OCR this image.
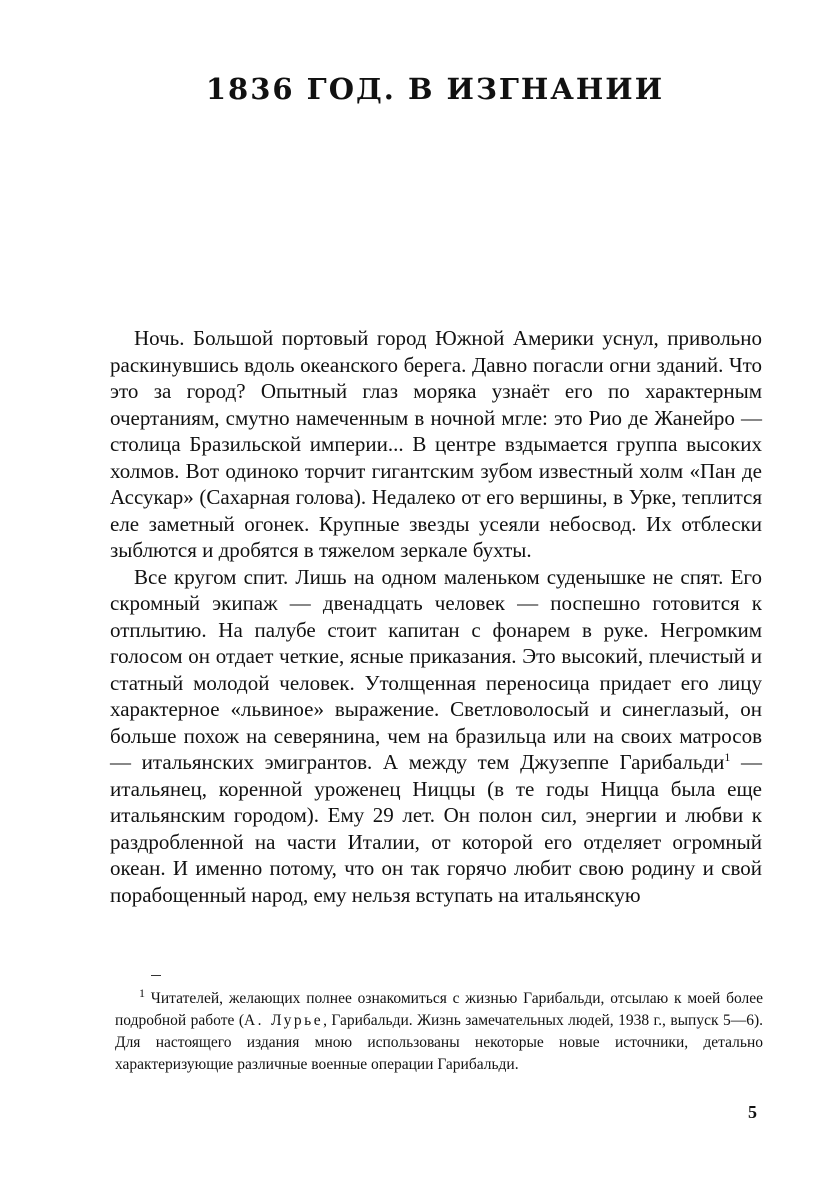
1836 ГОД. В ИЗГНАНИИ

Ночь. Большой портовый город Южной Америки уснул, привольно раскинувшись вдоль океанского берега. Давно погасли огни зданий. Что это за город? Опытный глаз моряка узнаёт его по характерным очертаниям, смутно намеченным в ночной мгле: это Рио де Жанейро — столица Бразильской империи... В центре вздымается группа высоких холмов. Вот одиноко торчит гигантским зубом известный холм «Пан де Ассукар» (Сахарная голова). Недалеко от его вершины, в Урке, теплится еле заметный огонек. Крупные звезды усеяли небосвод. Их отблески зыблются и дробятся в тяжелом зеркале бухты.

Все кругом спит. Лишь на одном маленьком суденышке не спят. Его скромный экипаж — двенадцать человек — поспешно готовится к отплытию. На палубе стоит капитан с фонарем в руке. Негромким голосом он отдает четкие, ясные приказания. Это высокий, плечистый и статный молодой человек. Утолщенная переносица придает его лицу характерное «львиное» выражение. Светловолосый и синеглазый, он больше похож на северянина, чем на бразильца или на своих матросов — итальянских эмигрантов. А между тем Джузеппе Гарибальди$^1$ — итальянец, коренной уроженец Ниццы (в те годы Ницца была еще итальянским городом). Ему 29 лет. Он полон сил, энергии и любви к раздробленной на части Италии, от которой его отделяет огромный океан. И именно потому, что он так горячо любит свою родину и свой порабощенный народ, ему нельзя вступать на итальянскую

$^1$ Читателей, желающих полнее ознакомиться с жизнью Гарибальди, отсылаю к моей более подробной работе (А. Лурье, Гарибальди. Жизнь замечательных людей, 1938 г., выпуск 5—6). Для настоящего издания мною использованы некоторые новые источники, детально характеризующие различные военные операции Гарибальди.

5
